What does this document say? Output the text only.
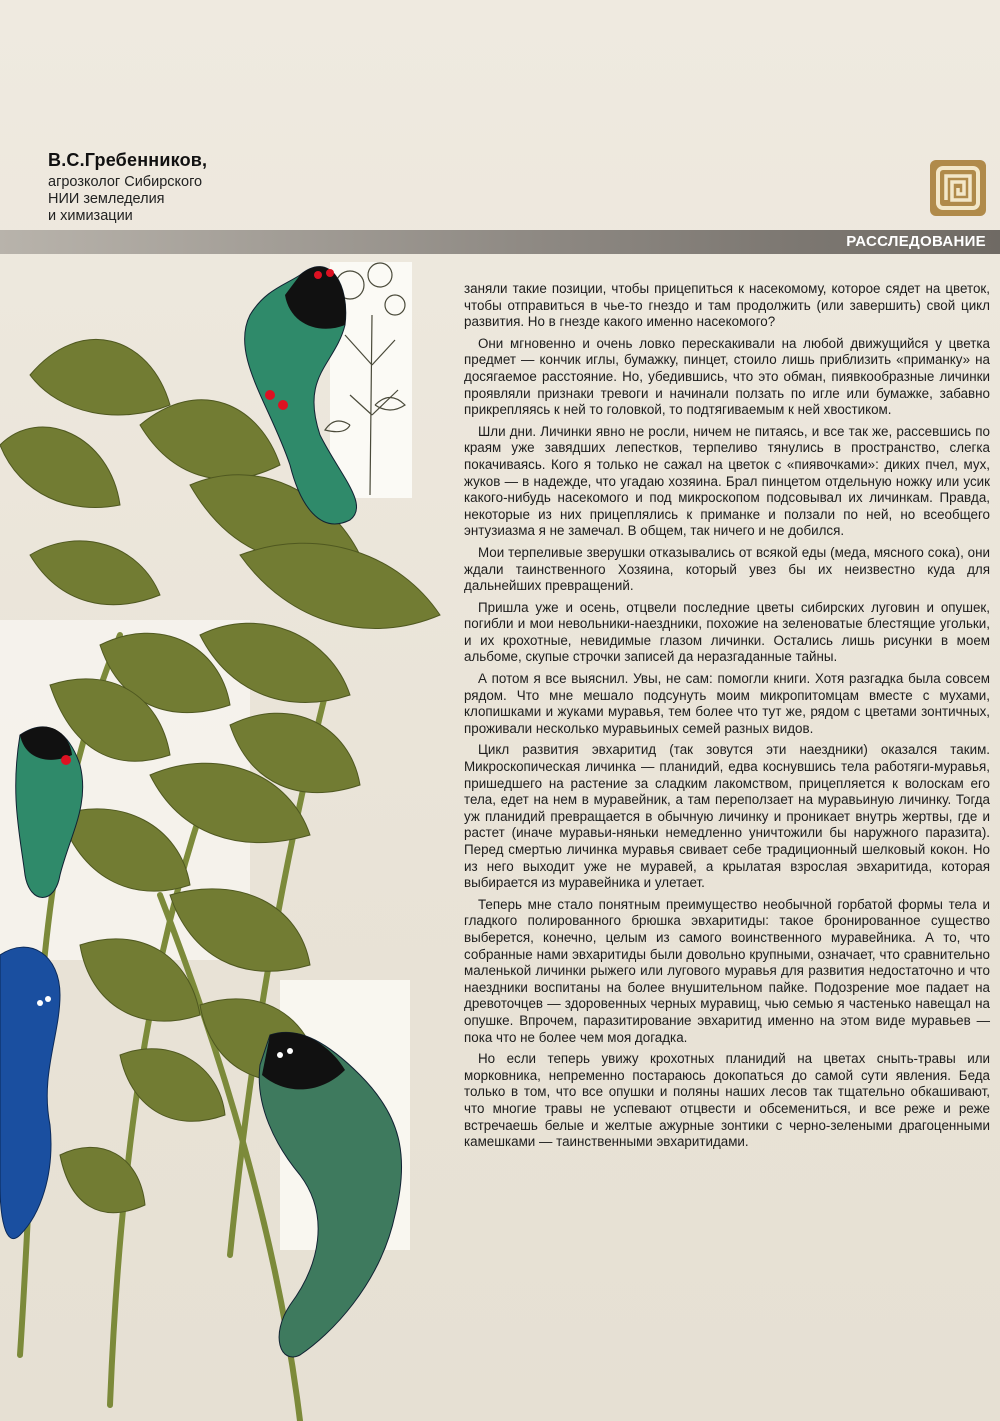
В.С.Гребенников,
агрозколог Сибирского
НИИ земледелия
и химизации
РАССЛЕДОВАНИЕ

заняли такие позиции, чтобы прицепиться к насекомому, которое сядет на цветок, чтобы отправиться в чье-то гнездо и там продолжить (или завершить) свой цикл развития. Но в гнезде какого именно насекомого?

Они мгновенно и очень ловко перескакивали на любой движущийся у цветка предмет — кончик иглы, бумажку, пинцет, стоило лишь приблизить «приманку» на досягаемое расстояние. Но, убедившись, что это обман, пиявкообразные личинки проявляли признаки тревоги и начинали ползать по игле или бумажке, забавно прикрепляясь к ней то головкой, то подтягиваемым к ней хвостиком.

Шли дни. Личинки явно не росли, ничем не питаясь, и все так же, рассевшись по краям уже завядших лепестков, терпеливо тянулись в пространство, слегка покачиваясь. Кого я только не сажал на цветок с «пиявочками»: диких пчел, мух, жуков — в надежде, что угадаю хозяина. Брал пинцетом отдельную ножку или усик какого-нибудь насекомого и под микроскопом подсовывал их личинкам. Правда, некоторые из них прицеплялись к приманке и ползали по ней, но всеобщего энтузиазма я не замечал. В общем, так ничего и не добился.

Мои терпеливые зверушки отказывались от всякой еды (меда, мясного сока), они ждали таинственного Хозяина, который увез бы их неизвестно куда для дальнейших превращений.

Пришла уже и осень, отцвели последние цветы сибирских луговин и опушек, погибли и мои невольники-наездники, похожие на зеленоватые блестящие угольки, и их крохотные, невидимые глазом личинки. Остались лишь рисунки в моем альбоме, скупые строчки записей да неразгаданные тайны.

А потом я все выяснил. Увы, не сам: помогли книги. Хотя разгадка была совсем рядом. Что мне мешало подсунуть моим микропитомцам вместе с мухами, клопишками и жуками муравья, тем более что тут же, рядом с цветами зонтичных, проживали несколько муравьиных семей разных видов.

Цикл развития эвхаритид (так зовутся эти наездники) оказался таким. Микроскопическая личинка — планидий, едва коснувшись тела работяги-муравья, пришедшего на растение за сладким лакомством, прицепляется к волоскам его тела, едет на нем в муравейник, а там переползает на муравьиную личинку. Тогда уж планидий превращается в обычную личинку и проникает внутрь жертвы, где и растет (иначе муравьи-няньки немедленно уничтожили бы наружного паразита). Перед смертью личинка муравья свивает себе традиционный шелковый кокон. Но из него выходит уже не муравей, а крылатая взрослая эвхаритида, которая выбирается из муравейника и улетает.

Теперь мне стало понятным преимущество необычной горбатой формы тела и гладкого полированного брюшка эвхаритиды: такое бронированное существо выберется, конечно, целым из самого воинственного муравейника. А то, что собранные нами эвхаритиды были довольно крупными, означает, что сравнительно маленькой личинки рыжего или лугового муравья для развития недостаточно и что наездники воспитаны на более внушительном пайке. Подозрение мое падает на древоточцев — здоровенных черных муравищ, чью семью я частенько навещал на опушке. Впрочем, паразитирование эвхаритид именно на этом виде муравьев — пока что не более чем моя догадка.

Но если теперь увижу крохотных планидий на цветах сныть-травы или морковника, непременно постараюсь докопаться до самой сути явления. Беда только в том, что все опушки и поляны наших лесов так тщательно обкашивают, что многие травы не успевают отцвести и обсемениться, и все реже и реже встречаешь белые и желтые ажурные зонтики с черно-зелеными драгоценными камешками — таинственными эвхаритидами.
